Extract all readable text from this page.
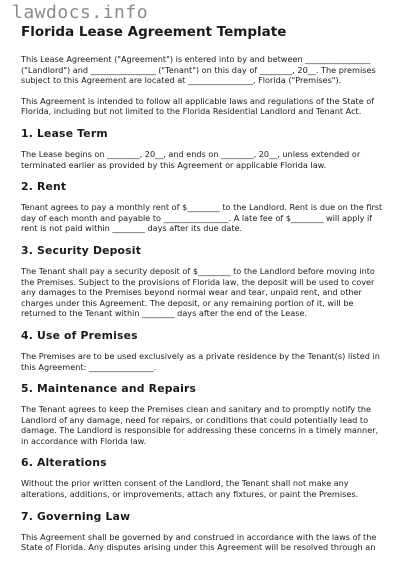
lawdocs.info
Florida Lease Agreement Template

This Lease Agreement ("Agreement") is entered into by and between ________________ ("Landlord") and ________________ ("Tenant") on this day of ________, 20__. The premises subject to this Agreement are located at ________________, Florida ("Premises").

This Agreement is intended to follow all applicable laws and regulations of the State of Florida, including but not limited to the Florida Residential Landlord and Tenant Act.

1. Lease Term

The Lease begins on ________, 20__, and ends on ________, 20__, unless extended or terminated earlier as provided by this Agreement or applicable Florida law.

2. Rent

Tenant agrees to pay a monthly rent of $________ to the Landlord. Rent is due on the first day of each month and payable to ________________. A late fee of $________ will apply if rent is not paid within ________ days after its due date.

3. Security Deposit

The Tenant shall pay a security deposit of $________ to the Landlord before moving into the Premises. Subject to the provisions of Florida law, the deposit will be used to cover any damages to the Premises beyond normal wear and tear, unpaid rent, and other charges under this Agreement. The deposit, or any remaining portion of it, will be returned to the Tenant within ________ days after the end of the Lease.

4. Use of Premises

The Premises are to be used exclusively as a private residence by the Tenant(s) listed in this Agreement: ________________.

5. Maintenance and Repairs

The Tenant agrees to keep the Premises clean and sanitary and to promptly notify the Landlord of any damage, need for repairs, or conditions that could potentially lead to damage. The Landlord is responsible for addressing these concerns in a timely manner, in accordance with Florida law.

6. Alterations

Without the prior written consent of the Landlord, the Tenant shall not make any alterations, additions, or improvements, attach any fixtures, or paint the Premises.

7. Governing Law

This Agreement shall be governed by and construed in accordance with the laws of the State of Florida. Any disputes arising under this Agreement will be resolved through an
